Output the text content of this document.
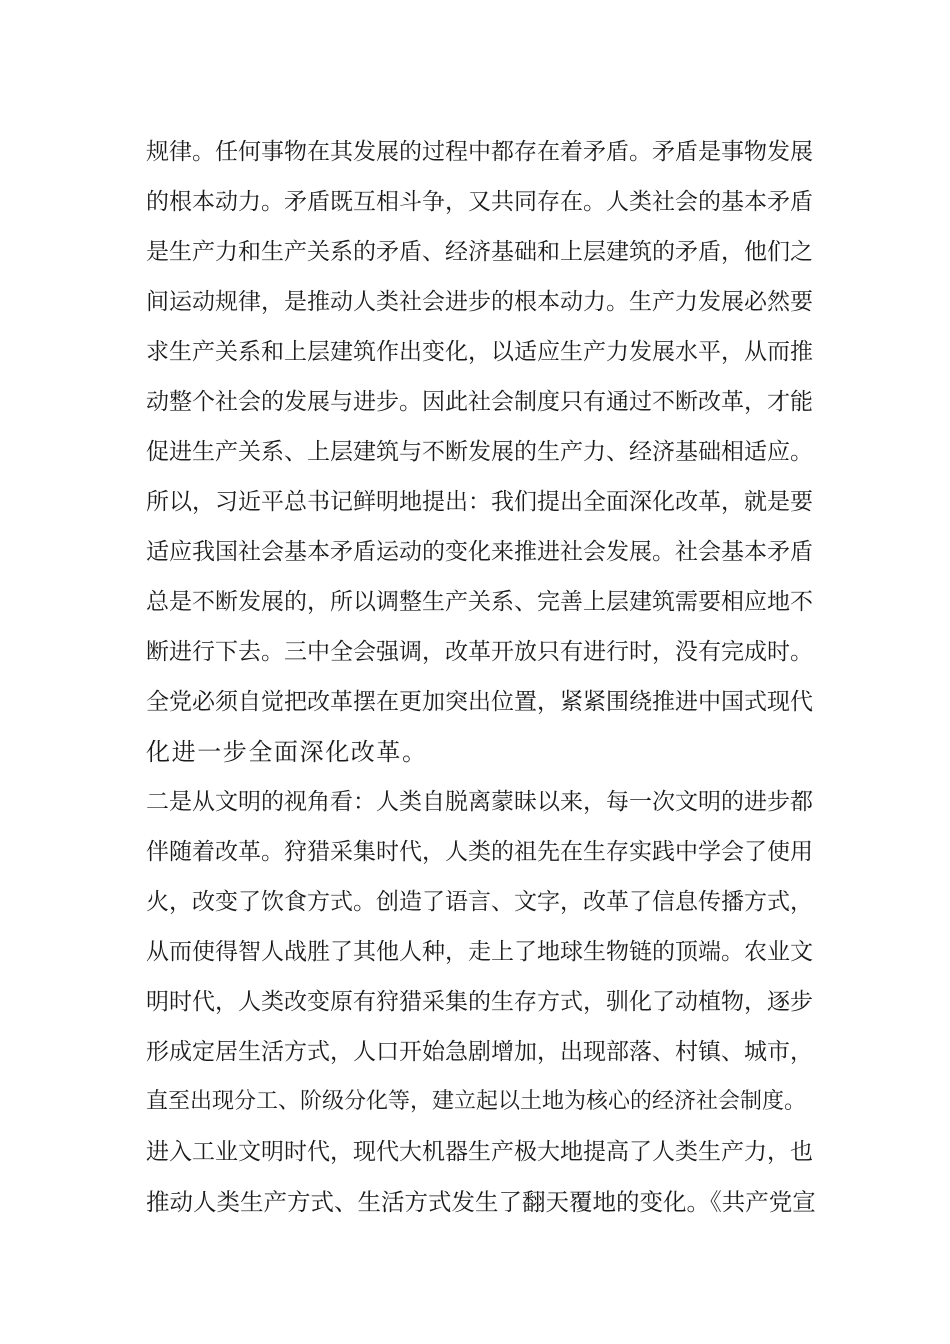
规律。任何事物在其发展的过程中都存在着矛盾。矛盾是事物发展
的根本动力。矛盾既互相斗争，又共同存在。人类社会的基本矛盾
是生产力和生产关系的矛盾、经济基础和上层建筑的矛盾，他们之
间运动规律，是推动人类社会进步的根本动力。生产力发展必然要
求生产关系和上层建筑作出变化，以适应生产力发展水平，从而推
动整个社会的发展与进步。因此社会制度只有通过不断改革，才能
促进生产关系、上层建筑与不断发展的生产力、经济基础相适应。
所以，习近平总书记鲜明地提出：我们提出全面深化改革，就是要
适应我国社会基本矛盾运动的变化来推进社会发展。社会基本矛盾
总是不断发展的，所以调整生产关系、完善上层建筑需要相应地不
断进行下去。三中全会强调，改革开放只有进行时，没有完成时。
全党必须自觉把改革摆在更加突出位置，紧紧围绕推进中国式现代
化进一步全面深化改革。
二是从文明的视角看：人类自脱离蒙昧以来，每一次文明的进步都
伴随着改革。狩猎采集时代，人类的祖先在生存实践中学会了使用
火，改变了饮食方式。创造了语言、文字，改革了信息传播方式，
从而使得智人战胜了其他人种，走上了地球生物链的顶端。农业文
明时代，人类改变原有狩猎采集的生存方式，驯化了动植物，逐步
形成定居生活方式，人口开始急剧增加，出现部落、村镇、城市，
直至出现分工、阶级分化等，建立起以土地为核心的经济社会制度。
进入工业文明时代，现代大机器生产极大地提高了人类生产力，也
推动人类生产方式、生活方式发生了翻天覆地的变化。《共产党宣
